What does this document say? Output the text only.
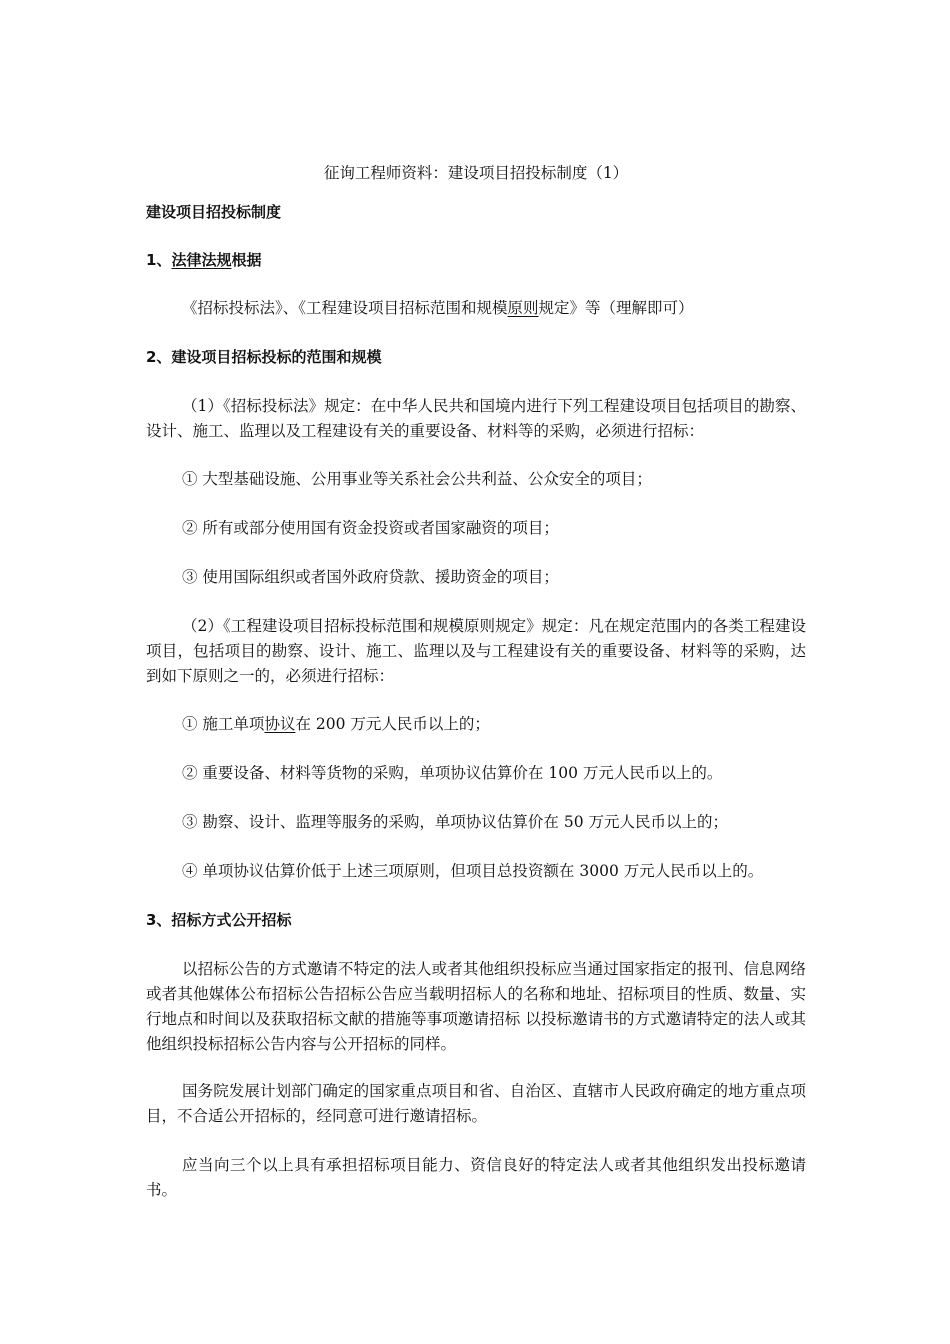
征询工程师资料：建设项目招投标制度（1）
建设项目招投标制度
1、法律法规根据
《招标投标法》、《工程建设项目招标范围和规模原则规定》等（理解即可）
2、建设项目招标投标的范围和规模
（1）《招标投标法》规定：在中华人民共和国境内进行下列工程建设项目包括项目的勘察、设计、施工、监理以及工程建设有关的重要设备、材料等的采购，必须进行招标：
① 大型基础设施、公用事业等关系社会公共利益、公众安全的项目；
② 所有或部分使用国有资金投资或者国家融资的项目；
③ 使用国际组织或者国外政府贷款、援助资金的项目；
（2）《工程建设项目招标投标范围和规模原则规定》规定：凡在规定范围内的各类工程建设项目，包括项目的勘察、设计、施工、监理以及与工程建设有关的重要设备、材料等的采购，达到如下原则之一的，必须进行招标：
① 施工单项协议在 200 万元人民币以上的；
② 重要设备、材料等货物的采购，单项协议估算价在 100 万元人民币以上的。
③ 勘察、设计、监理等服务的采购，单项协议估算价在 50 万元人民币以上的；
④ 单项协议估算价低于上述三项原则，但项目总投资额在 3000 万元人民币以上的。
3、招标方式公开招标
以招标公告的方式邀请不特定的法人或者其他组织投标应当通过国家指定的报刊、信息网络或者其他媒体公布招标公告招标公告应当载明招标人的名称和地址、招标项目的性质、数量、实行地点和时间以及获取招标文献的措施等事项邀请招标 以投标邀请书的方式邀请特定的法人或其他组织投标招标公告内容与公开招标的同样。
国务院发展计划部门确定的国家重点项目和省、自治区、直辖市人民政府确定的地方重点项目，不合适公开招标的，经同意可进行邀请招标。
应当向三个以上具有承担招标项目能力、资信良好的特定法人或者其他组织发出投标邀请书。
